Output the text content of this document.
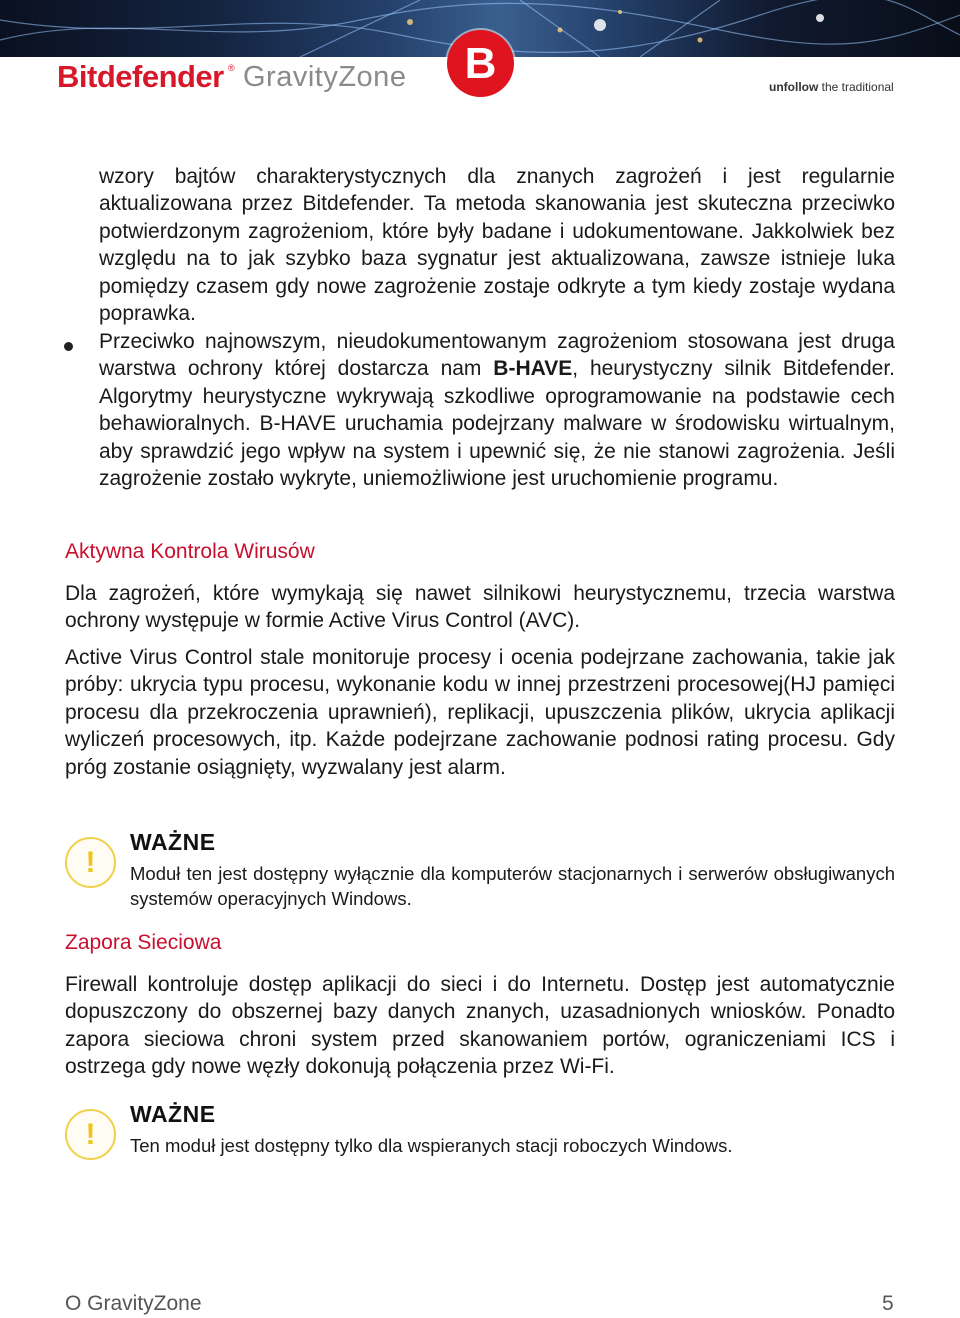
Bitdefender ® GravityZone	B	unfollow the traditional

wzory bajtów charakterystycznych dla znanych zagrożeń i jest regularnie aktualizowana przez Bitdefender. Ta metoda skanowania jest skuteczna przeciwko potwierdzonym zagrożeniom, które były badane i udokumentowane. Jakkolwiek bez względu na to jak szybko baza sygnatur jest aktualizowana, zawsze istnieje luka pomiędzy czasem gdy nowe zagrożenie zostaje odkryte a tym kiedy zostaje wydana poprawka.

Przeciwko najnowszym, nieudokumentowanym zagrożeniom stosowana jest druga warstwa ochrony której dostarcza nam B-HAVE, heurystyczny silnik Bitdefender. Algorytmy heurystyczne wykrywają szkodliwe oprogramowanie na podstawie cech behawioralnych. B-HAVE uruchamia podejrzany malware w środowisku wirtualnym, aby sprawdzić jego wpływ na system i upewnić się, że nie stanowi zagrożenia. Jeśli zagrożenie zostało wykryte, uniemożliwione jest uruchomienie programu.

Aktywna Kontrola Wirusów

Dla zagrożeń, które wymykają się nawet silnikowi heurystycznemu, trzecia warstwa ochrony występuje w formie Active Virus Control (AVC).

Active Virus Control stale monitoruje procesy i ocenia podejrzane zachowania, takie jak próby: ukrycia typu procesu, wykonanie kodu w innej przestrzeni procesowej(HJ pamięci procesu dla przekroczenia uprawnień), replikacji, upuszczenia plików, ukrycia aplikacji wyliczeń procesowych, itp. Każde podejrzane zachowanie podnosi rating procesu. Gdy próg zostanie osiągnięty, wyzwalany jest alarm.

!
WAŻNE

Moduł ten jest dostępny wyłącznie dla komputerów stacjonarnych i serwerów obsługiwanych systemów operacyjnych Windows.

Zapora Sieciowa

Firewall kontroluje dostęp aplikacji do sieci i do Internetu. Dostęp jest automatycznie dopuszczony do obszernej bazy danych znanych, uzasadnionych wniosków. Ponadto zapora sieciowa chroni system przed skanowaniem portów, ograniczeniami ICS i ostrzega gdy nowe węzły dokonują połączenia przez Wi-Fi.

!
WAŻNE

Ten moduł jest dostępny tylko dla wspieranych stacji roboczych Windows.

O GravityZone	5
